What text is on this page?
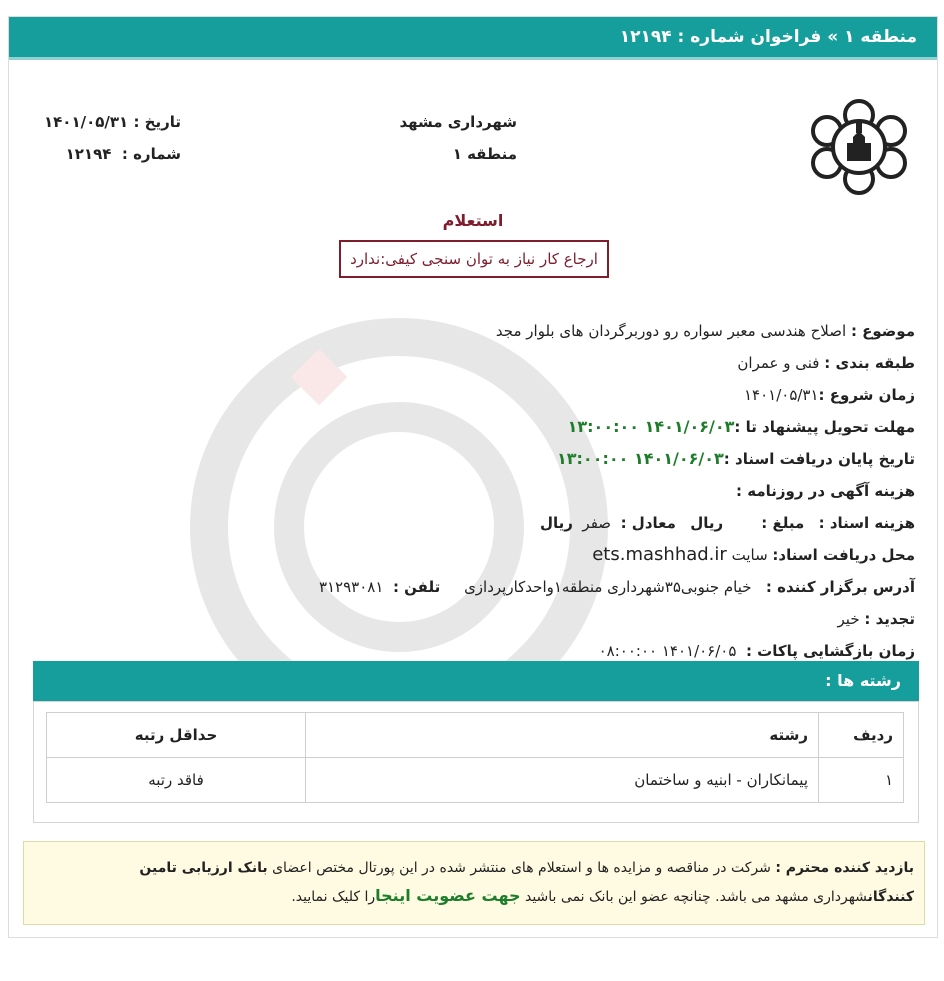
منطقه ۱ » فراخوان شماره : ۱۲۱۹۴
شهرداری مشهد
منطقه ۱
تاریخ : ۱۴۰۱/۰۵/۳۱
شماره :  ۱۲۱۹۴
استعلام
ارجاع کار نیاز به توان سنجی کیفی:ندارد
موضوع : اصلاح هندسی معبر سواره رو دوربرگردان های بلوار مجد
طبقه بندی : فنی و عمران
زمان شروع :۱۴۰۱/۰۵/۳۱
مهلت تحویل پیشنهاد تا :۱۴۰۱/۰۶/۰۳ ۱۳:۰۰:۰۰
تاریخ پایان دریافت اسناد :۱۴۰۱/۰۶/۰۳ ۱۳:۰۰:۰۰
هزینه آگهی در روزنامه :
هزینه اسناد :   مبلغ :        ریال   معادل :  صفر  ریال
محل دریافت اسناد: سایت ets.mashhad.ir
آدرس برگزار کننده :   خیام جنوبی۳۵شهرداری منطقه۱واحدکارپردازی     تلفن :  ۳۱۲۹۳۰۸۱
تجدید : خیر
زمان بازگشایی پاکات :  ۱۴۰۱/۰۶/۰۵ ۰۸:۰۰:۰۰
رشته ها :
ردیف	رشته	حداقل رتبه
۱	پیمانکاران - ابنیه و ساختمان	فاقد رتبه
بازدید کننده محترم : شرکت در مناقصه و مزایده ها و استعلام های منتشر شده در این پورتال مختص اعضای بانک ارزیابی تامین کنندگانشهرداری مشهد می باشد. چنانچه عضو این بانک نمی باشید جهت عضویت اینجارا کلیک نمایید.
